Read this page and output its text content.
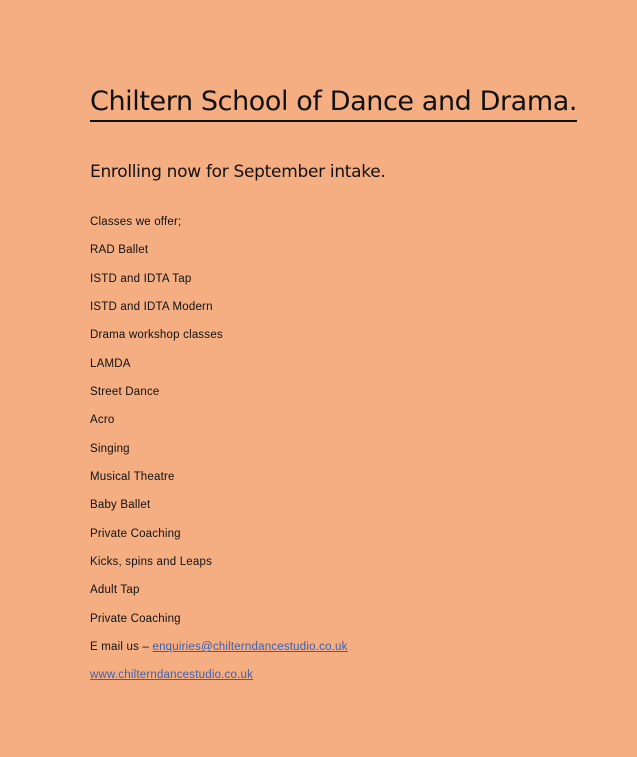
Chiltern School of Dance and Drama.
Enrolling now for September intake.
Classes we offer;
RAD Ballet
ISTD and IDTA Tap
ISTD and IDTA Modern
Drama workshop classes
LAMDA
Street Dance
Acro
Singing
Musical Theatre
Baby Ballet
Private Coaching
Kicks, spins and Leaps
Adult Tap
Private Coaching
E mail us – enquiries@chilterndancestudio.co.uk
www.chilterndancestudio.co.uk
